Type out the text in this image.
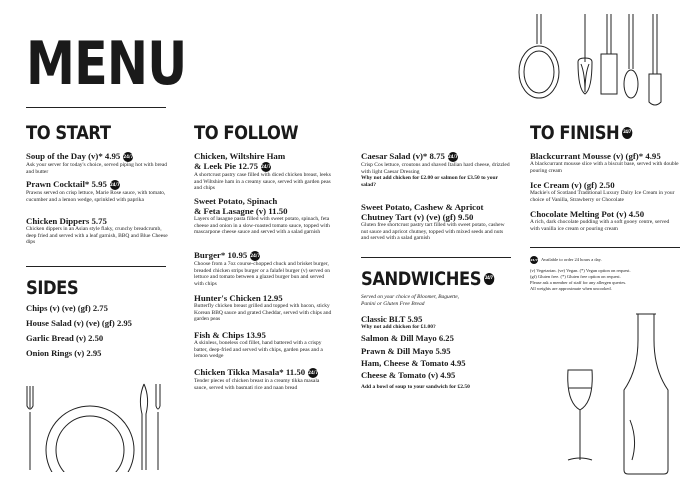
MENU
TO START
Soup of the Day (v)* 4.95 24/7
Ask your server for today's choice, served piping hot with bread and butter
Prawn Cocktail* 5.95 24/7
Prawns served on crisp lettuce, Marie Rose sauce, with tomato, cucumber and a lemon wedge, sprinkled with paprika
Chicken Dippers 5.75
Chicken dippers in an Asian style flaky, crunchy breadcrumb, deep fried and served with a leaf garnish, BBQ and Blue Cheese dips
SIDES
Chips (v) (ve) (gf) 2.75
House Salad (v) (ve) (gf) 2.95
Garlic Bread (v) 2.50
Onion Rings (v) 2.95
TO FOLLOW
Chicken, Wiltshire Ham
& Leek Pie 12.75 24/7
A shortcrust pastry case filled with diced chicken breast, leeks and Wiltshire ham in a creamy sauce, served with garden peas and chips
Sweet Potato, Spinach
& Feta Lasagne (v) 11.50
Layers of lasagne pasta filled with sweet potato, spinach, feta cheese and onion in a slow-roasted tomato sauce, topped with mascarpone cheese sauce and served with a salad garnish
Burger* 10.95 24/7
Choose from a 7oz course-chopped chuck and brisket burger, breaded chicken strips burger or a falafel burger (v) served on lettuce and tomato between a glazed burger bun and served with chips
Hunter's Chicken 12.95
Butterfly chicken breast grilled and topped with bacon, sticky Korean BBQ sauce and grated Cheddar, served with chips and garden peas
Fish & Chips 13.95
A skinless, boneless cod fillet, hand battered with a crispy batter, deep-fried and served with chips, garden peas and a lemon wedge
Chicken Tikka Masala* 11.50 24/7
Tender pieces of chicken breast in a creamy tikka masala sauce, served with basmati rice and naan bread
Caesar Salad (v)* 8.75 24/7
Crisp Cos lettuce, croutons and shaved Italian hard cheese, drizzled with light Caesar Dressing
Why not add chicken for £2.00 or salmon for £3.50 to your salad?
Sweet Potato, Cashew & Apricot
Chutney Tart (v) (ve) (gf) 9.50
Gluten free shortcrust pastry tart filled with sweet potato, cashew nut sauce and apricot chutney, topped with mixed seeds and nuts and served with a salad garnish
SANDWICHES 24/7
Served on your choice of Bloomer, Baguette, Panini or Gluten Free Bread
Classic BLT 5.95
Why not add chicken for £1.00?
Salmon & Dill Mayo 6.25
Prawn & Dill Mayo 5.95
Ham, Cheese & Tomato 4.95
Cheese & Tomato (v) 4.95
Add a bowl of soup to your sandwich for £2.50
TO FINISH 24/7
Blackcurrant Mousse (v) (gf)* 4.95
A blackcurrant mousse slice with a biscuit base, served with double pouring cream
Ice Cream (v) (gf) 2.50
Mackie's of Scotland Traditional Luxury Dairy Ice Cream in your choice of Vanilla, Strawberry or Chocolate
Chocolate Melting Pot (v) 4.50
A rich, dark chocolate pudding with a soft gooey centre, served with vanilla ice cream or pouring cream
24/7 Available to order 24 hours a day.
(v) Vegetarian. (ve) Vegan. (*) Vegan option on request.
(gf) Gluten free. (*) Gluten free option on request.
Please ask a member of staff for any allergen queries.
All weights are approximate when uncooked.
